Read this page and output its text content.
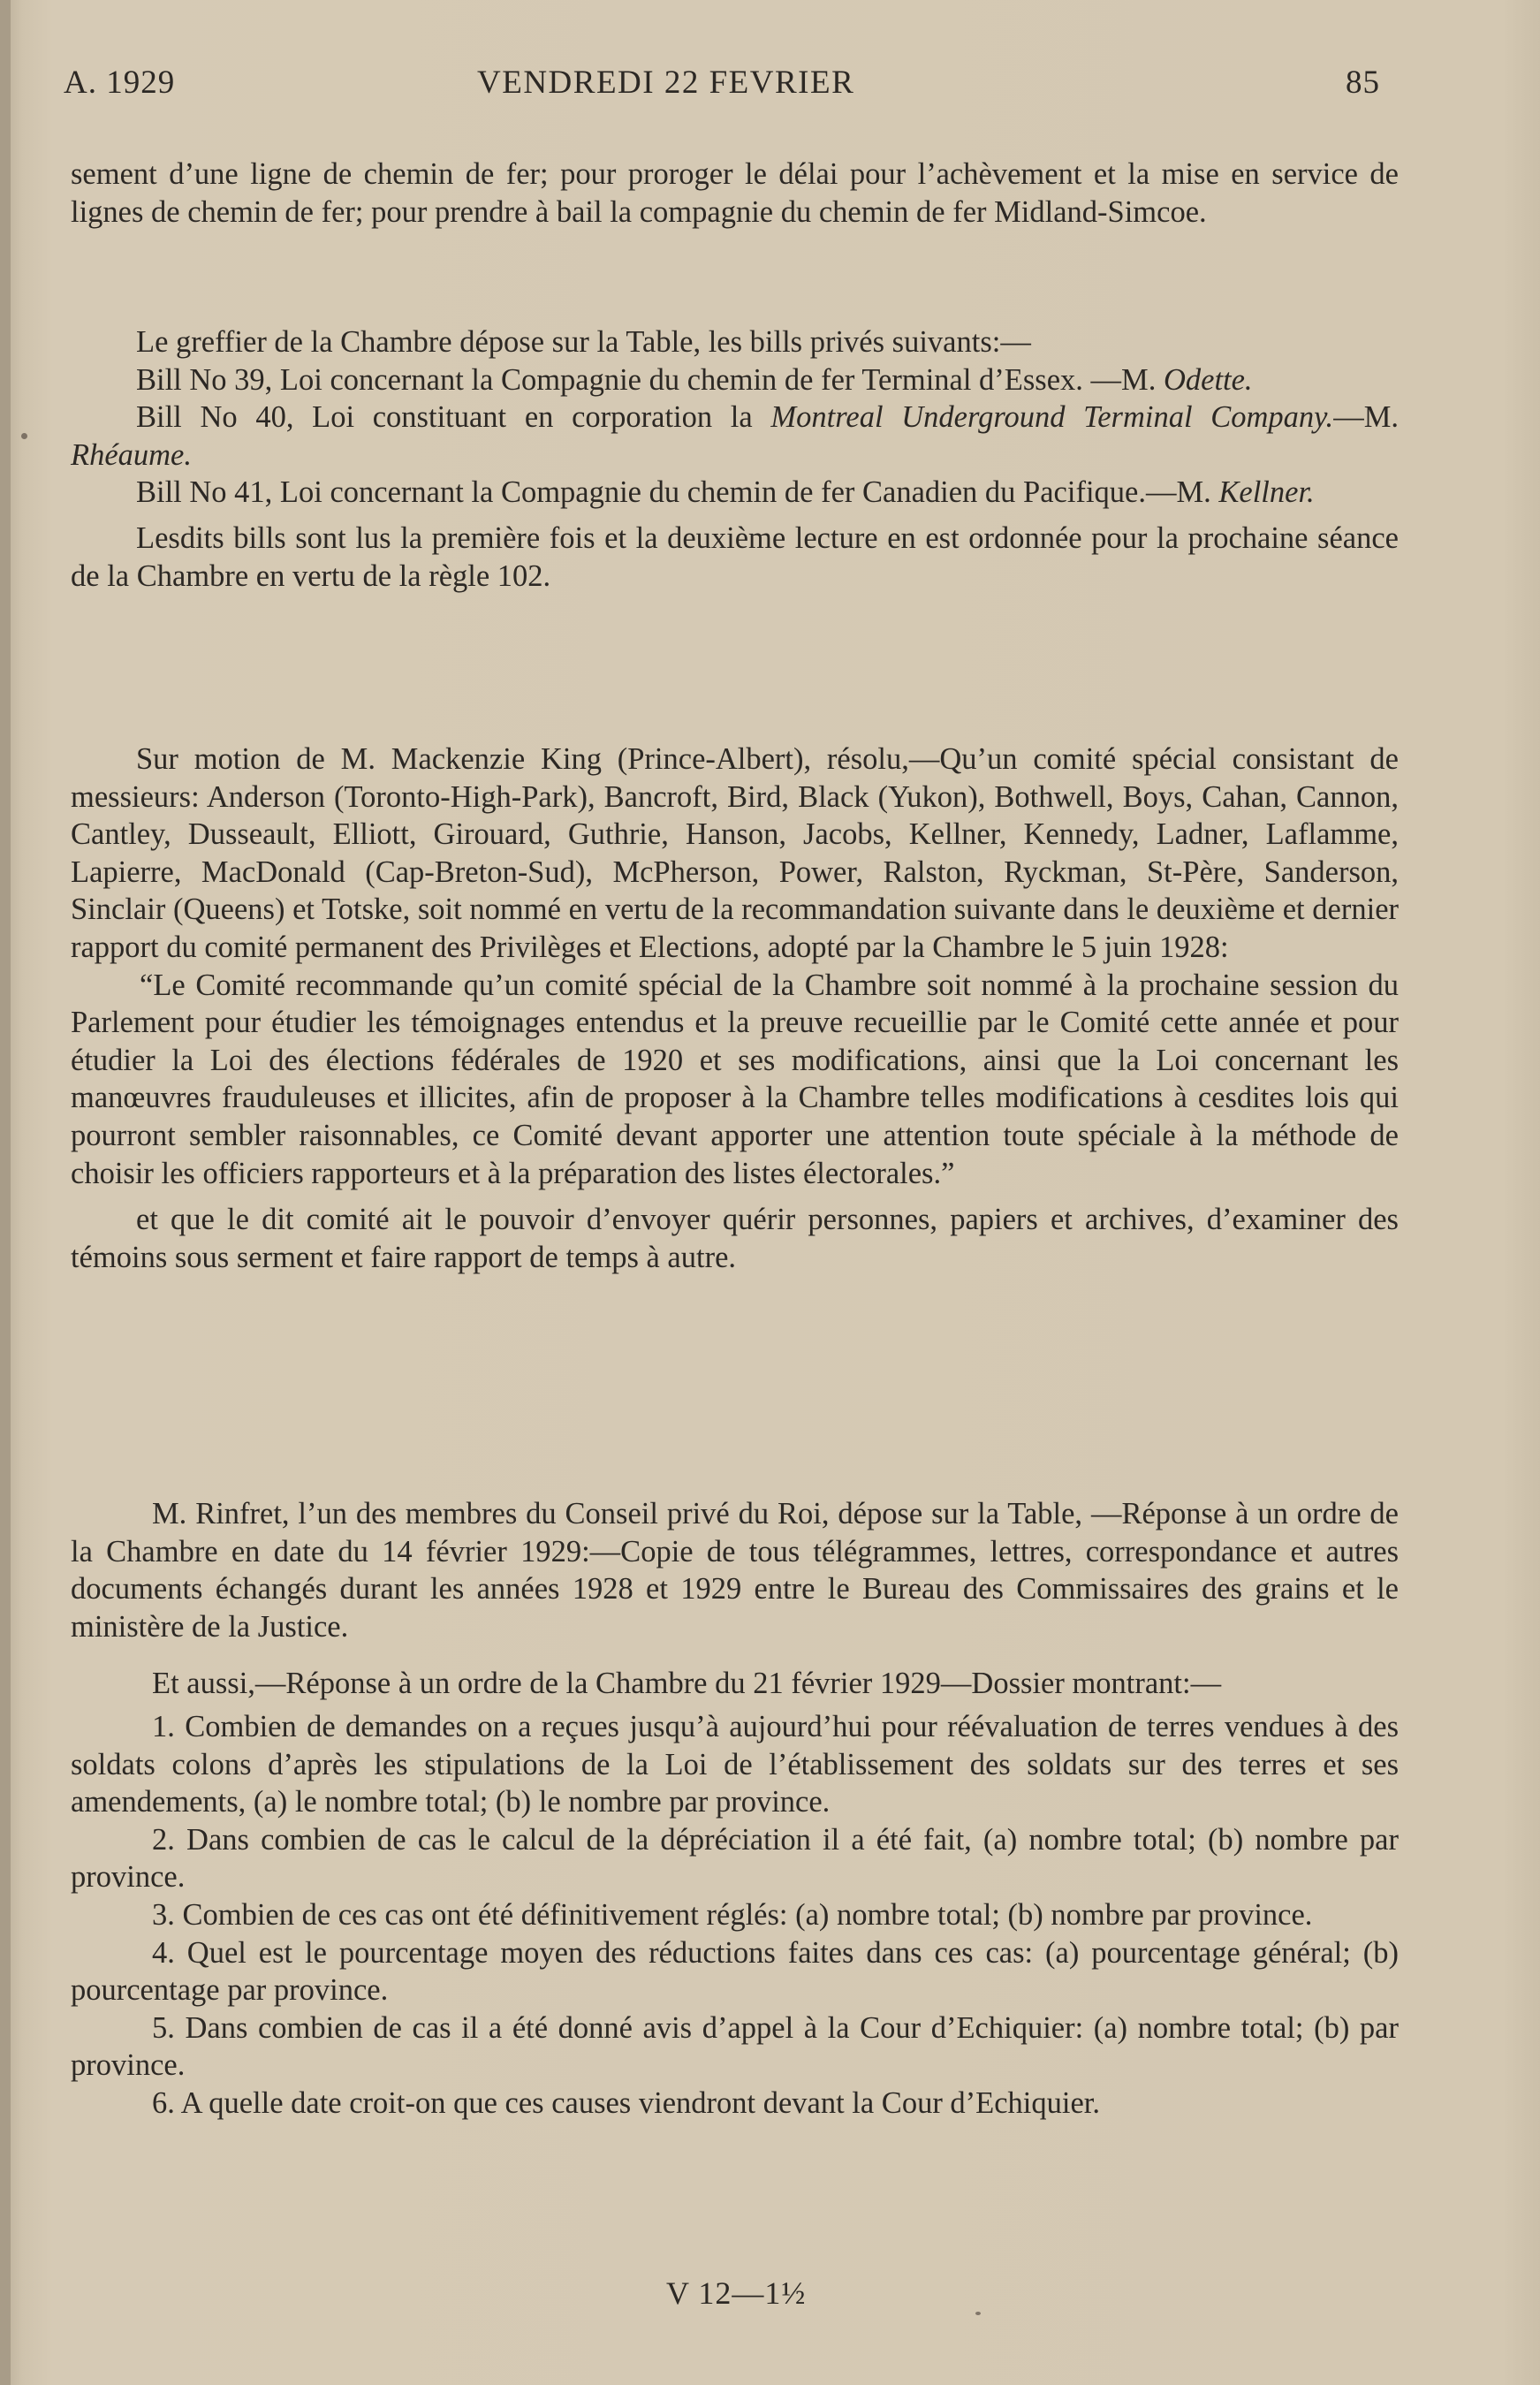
A. 1929	VENDREDI 22 FEVRIER	85

sement d’une ligne de chemin de fer; pour proroger le délai pour l’achèvement et la mise en service de lignes de chemin de fer; pour prendre à bail la compagnie du chemin de fer Midland-Simcoe.

Le greffier de la Chambre dépose sur la Table, les bills privés suivants:—

Bill No 39, Loi concernant la Compagnie du chemin de fer Terminal d’Essex. —M. Odette.

Bill No 40, Loi constituant en corporation la Montreal Underground Terminal Company.—M. Rhéaume.

Bill No 41, Loi concernant la Compagnie du chemin de fer Canadien du Pacifique.—M. Kellner.

Lesdits bills sont lus la première fois et la deuxième lecture en est ordonnée pour la prochaine séance de la Chambre en vertu de la règle 102.

Sur motion de M. Mackenzie King (Prince-Albert), résolu,—Qu’un comité spécial consistant de messieurs: Anderson (Toronto-High-Park), Bancroft, Bird, Black (Yukon), Bothwell, Boys, Cahan, Cannon, Cantley, Dusseault, Elliott, Girouard, Guthrie, Hanson, Jacobs, Kellner, Kennedy, Ladner, Laflamme, Lapierre, MacDonald (Cap-Breton-Sud), McPherson, Power, Ralston, Ryckman, St-Père, Sanderson, Sinclair (Queens) et Totske, soit nommé en vertu de la recommandation suivante dans le deuxième et dernier rapport du comité permanent des Privilèges et Elections, adopté par la Chambre le 5 juin 1928:

“Le Comité recommande qu’un comité spécial de la Chambre soit nommé à la prochaine session du Parlement pour étudier les témoignages entendus et la preuve recueillie par le Comité cette année et pour étudier la Loi des élections fédérales de 1920 et ses modifications, ainsi que la Loi concernant les manœuvres frauduleuses et illicites, afin de proposer à la Chambre telles modifications à cesdites lois qui pourront sembler raisonnables, ce Comité devant apporter une attention toute spéciale à la méthode de choisir les officiers rapporteurs et à la préparation des listes électorales.”

et que le dit comité ait le pouvoir d’envoyer quérir personnes, papiers et archives, d’examiner des témoins sous serment et faire rapport de temps à autre.

M. Rinfret, l’un des membres du Conseil privé du Roi, dépose sur la Table, —Réponse à un ordre de la Chambre en date du 14 février 1929:—Copie de tous télégrammes, lettres, correspondance et autres documents échangés durant les années 1928 et 1929 entre le Bureau des Commissaires des grains et le ministère de la Justice.

Et aussi,—Réponse à un ordre de la Chambre du 21 février 1929—Dossier montrant:—

1. Combien de demandes on a reçues jusqu’à aujourd’hui pour réévaluation de terres vendues à des soldats colons d’après les stipulations de la Loi de l’établissement des soldats sur des terres et ses amendements, (a) le nombre total; (b) le nombre par province.

2. Dans combien de cas le calcul de la dépréciation il a été fait, (a) nombre total; (b) nombre par province.

3. Combien de ces cas ont été définitivement réglés: (a) nombre total; (b) nombre par province.

4. Quel est le pourcentage moyen des réductions faites dans ces cas: (a) pourcentage général; (b) pourcentage par province.

5. Dans combien de cas il a été donné avis d’appel à la Cour d’Echiquier: (a) nombre total; (b) par province.

6. A quelle date croit-on que ces causes viendront devant la Cour d’Echiquier.

V 12—1½
